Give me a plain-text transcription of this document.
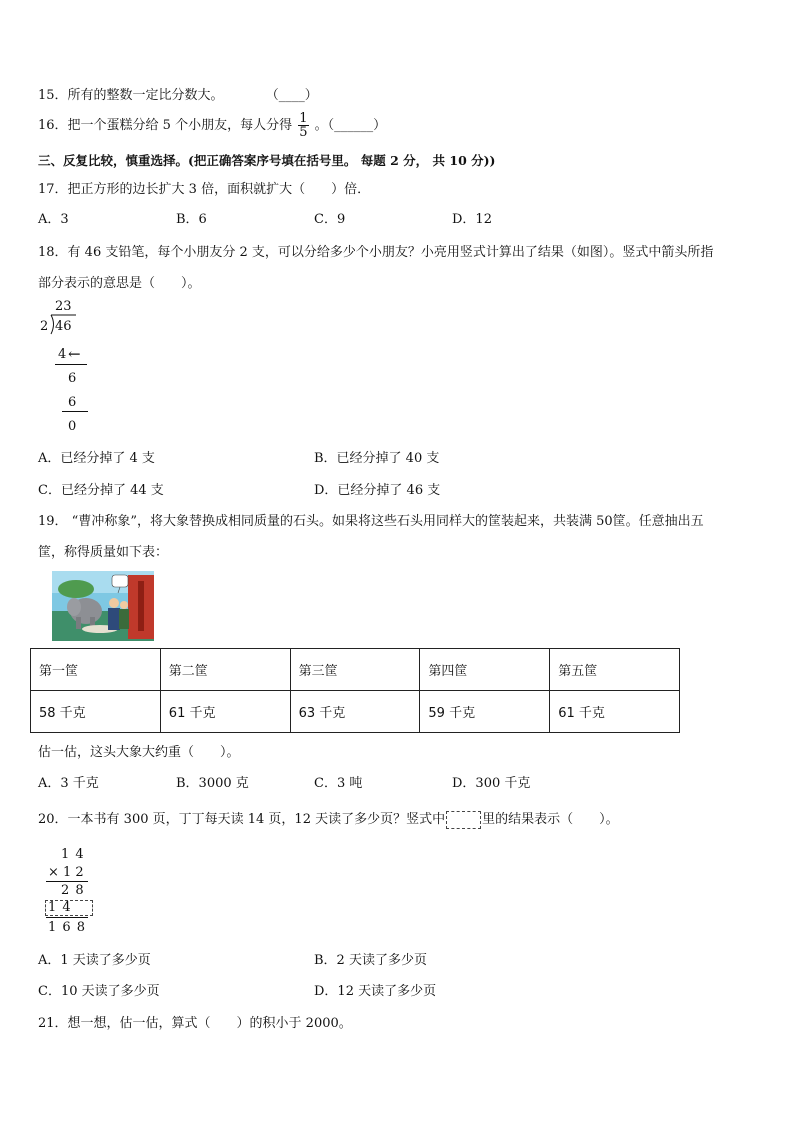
15．所有的整数一定比分数大。	（____）
16．把一个蛋糕分给 5 个小朋友，每人分得 $\frac{1}{5}$ 。（______）
三、反复比较，慎重选择。(把正确答案序号填在括号里。 每题 2 分， 共 10 分))
17．把正方形的边长扩大 3 倍，面积就扩大（　　）倍．
A．3	B．6	C．9	D．12
18．有 46 支铅笔，每个小朋友分 2 支，可以分给多少个小朋友？小亮用竖式计算出了结果（如图）。竖式中箭头所指
部分表示的意思是（　　）。
23
2 46
4 ←
6
6
0
A．已经分掉了 4 支	B．已经分掉了 40 支
C．已经分掉了 44 支	D．已经分掉了 46 支
19． “曹冲称象”，将大象替换成相同质量的石头。如果将这些石头用同样大的筐装起来，共装满 50筐。任意抽出五
筐，称得质量如下表：
第一筐	第二筐	第三筐	第四筐	第五筐
58 千克	61 千克	63 千克	59 千克	61 千克
估一估，这头大象大约重（　　）。
A．3 千克	B．3000 克	C．3 吨	D．300 千克
20．一本书有 300 页，丁丁每天读 14 页，12 天读了多少页？竖式中	里的结果表示（　　）。
1 4
× 1 2
2 8
1 4
1 6 8
A．1 天读了多少页	B．2 天读了多少页
C．10 天读了多少页	D．12 天读了多少页
21．想一想，估一估，算式（　　）的积小于 2000。
